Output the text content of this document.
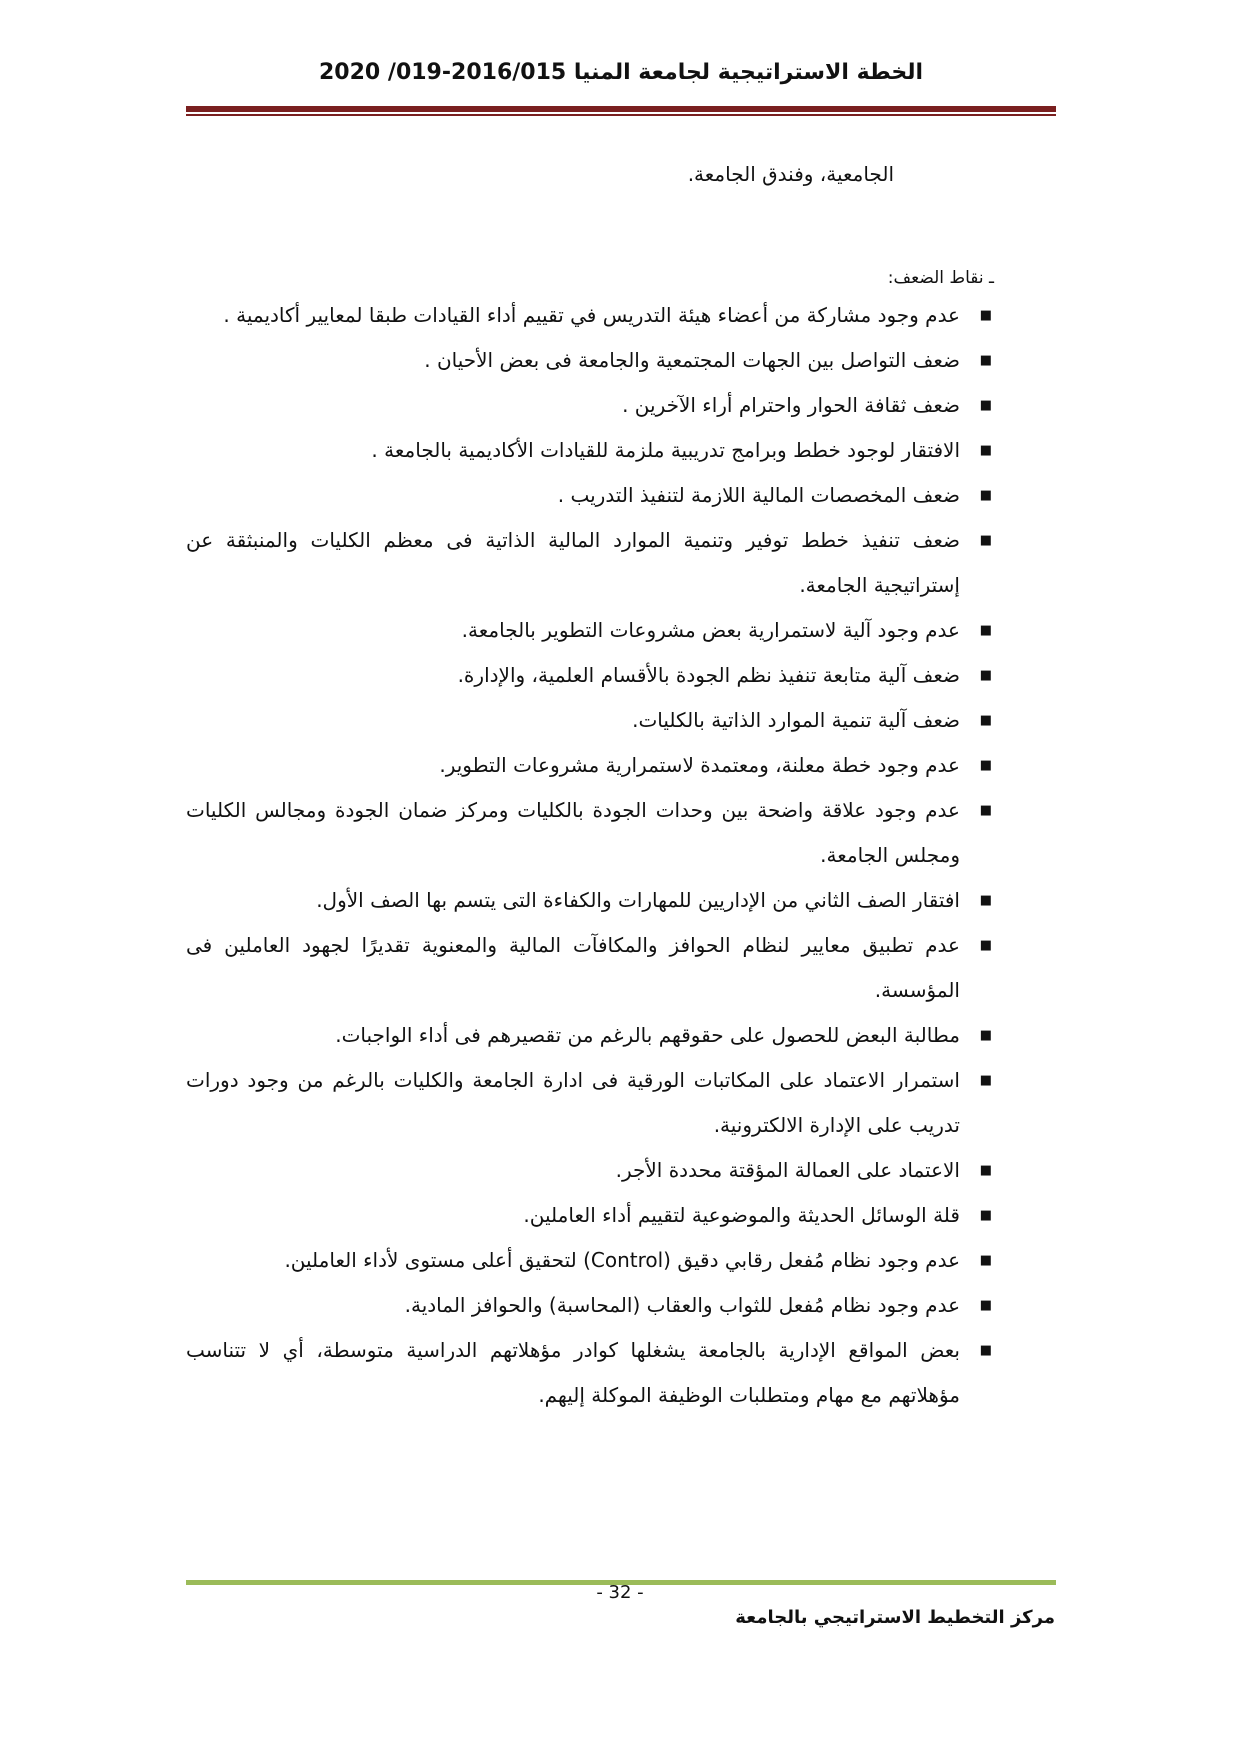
الخطة الاستراتيجية لجامعة المنيا 2016/015-019/ 2020

الجامعية، وفندق الجامعة.

ـ نقاط الضعف:

■
عدم وجود مشاركة من أعضاء هيئة التدريس في تقييم أداء القيادات طبقا لمعايير أكاديمية .
■
ضعف التواصل بين الجهات المجتمعية والجامعة فى بعض الأحيان .
■
ضعف ثقافة الحوار واحترام أراء الآخرين .
■
الافتقار لوجود خطط وبرامج تدريبية ملزمة للقيادات الأكاديمية بالجامعة .
■
ضعف المخصصات المالية اللازمة لتنفيذ التدريب .
■
ضعف تنفيذ خطط توفير وتنمية الموارد المالية الذاتية فى معظم الكليات والمنبثقة عن إستراتيجية الجامعة.
■
عدم وجود آلية لاستمرارية بعض مشروعات التطوير بالجامعة.
■
ضعف آلية متابعة تنفيذ نظم الجودة بالأقسام العلمية، والإدارة.
■
ضعف آلية تنمية الموارد الذاتية بالكليات.
■
عدم وجود خطة معلنة، ومعتمدة لاستمرارية مشروعات التطوير.
■
عدم وجود علاقة واضحة بين وحدات الجودة بالكليات ومركز ضمان الجودة ومجالس الكليات ومجلس الجامعة.
■
افتقار الصف الثاني من الإداريين للمهارات والكفاءة التى يتسم بها الصف الأول.
■
عدم تطبيق معايير لنظام الحوافز والمكافآت المالية والمعنوية تقديرًا لجهود العاملين فى المؤسسة.
■
مطالبة البعض للحصول على حقوقهم بالرغم من تقصيرهم فى أداء الواجبات.
■
استمرار الاعتماد على المكاتبات الورقية فى ادارة الجامعة والكليات بالرغم من وجود دورات تدريب على الإدارة الالكترونية.
■
الاعتماد على العمالة المؤقتة محددة الأجر.
■
قلة الوسائل الحديثة والموضوعية لتقييم أداء العاملين.
■
عدم وجود نظام مُفعل رقابي دقيق (Control) لتحقيق أعلى مستوى لأداء العاملين.
■
عدم وجود نظام مُفعل للثواب والعقاب (المحاسبة) والحوافز المادية.
■
بعض المواقع الإدارية بالجامعة يشغلها كوادر مؤهلاتهم الدراسية متوسطة، أي لا تتناسب مؤهلاتهم مع مهام ومتطلبات الوظيفة الموكلة إليهم.
- 32 -
مركز التخطيط الاستراتيجي بالجامعة
